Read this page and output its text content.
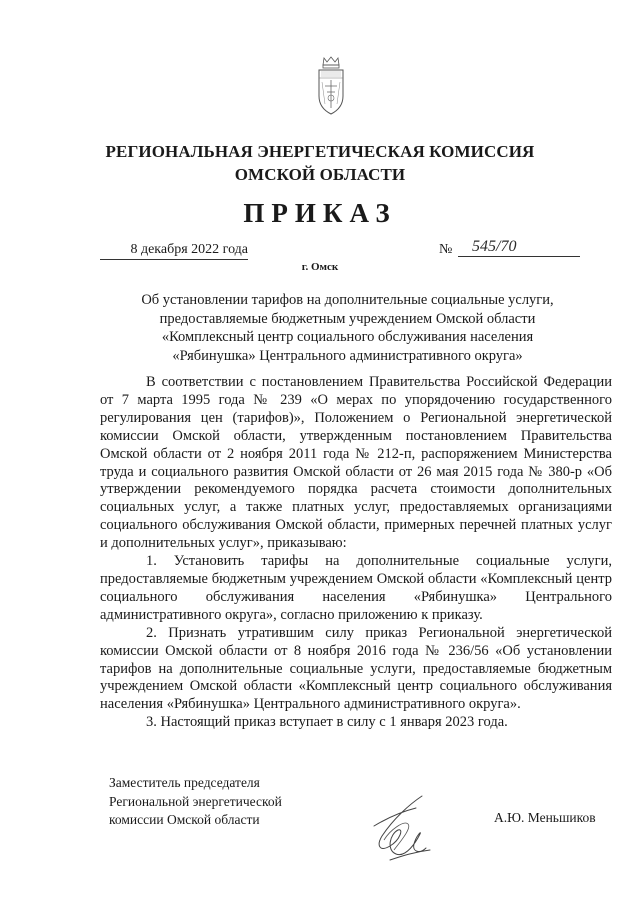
РЕГИОНАЛЬНАЯ ЭНЕРГЕТИЧЕСКАЯ КОМИССИЯ
ОМСКОЙ ОБЛАСТИ
ПРИКАЗ
8 декабря 2022 года	№	545/70
г. Омск
Об установлении тарифов на дополнительные социальные услуги,
предоставляемые бюджетным учреждением Омской области
«Комплексный центр социального обслуживания населения
«Рябинушка» Центрального административного округа»

В соответствии с постановлением Правительства Российской Федерации от 7 марта 1995 года № 239 «О мерах по упорядочению государственного регулирования цен (тарифов)», Положением о Региональной энергетической комиссии Омской области, утвержденным постановлением Правительства Омской области от 2 ноября 2011 года № 212-п, распоряжением Министерства труда и социального развития Омской области от 26 мая 2015 года № 380-р «Об утверждении рекомендуемого порядка расчета стоимости дополнительных социальных услуг, а также платных услуг, предоставляемых организациями социального обслуживания Омской области, примерных перечней платных услуг и дополнительных услуг», приказываю:

1. Установить тарифы на дополнительные социальные услуги, предоставляемые бюджетным учреждением Омской области «Комплексный центр социального обслуживания населения «Рябинушка» Центрального административного округа», согласно приложению к приказу.

2. Признать утратившим силу приказ Региональной энергетической комиссии Омской области от 8 ноября 2016 года № 236/56 «Об установлении тарифов на дополнительные социальные услуги, предоставляемые бюджетным учреждением Омской области «Комплексный центр социального обслуживания населения «Рябинушка» Центрального административного округа».

3. Настоящий приказ вступает в силу с 1 января 2023 года.

Заместитель председателя
Региональной энергетической
комиссии Омской области	А.Ю. Меньшиков
